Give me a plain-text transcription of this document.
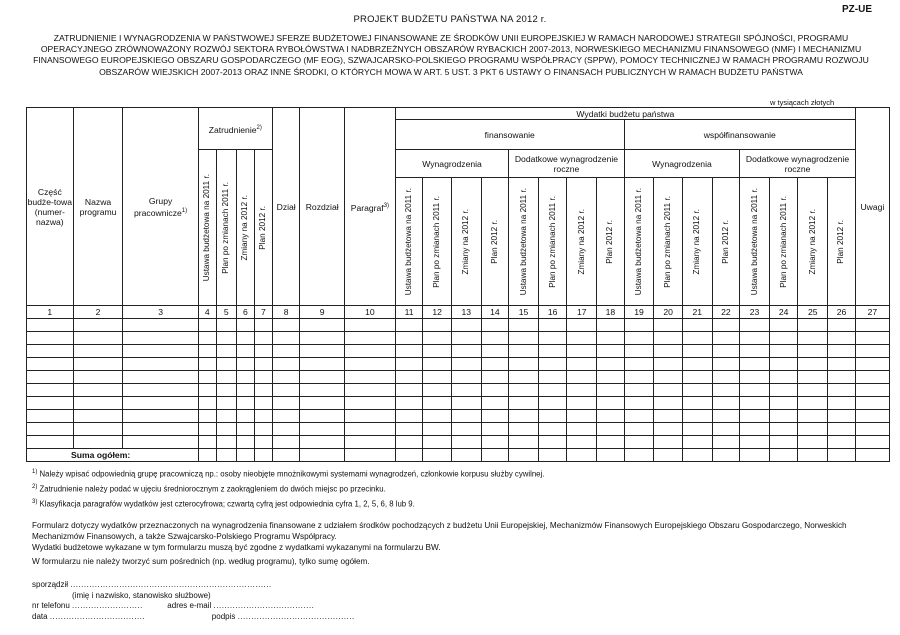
PZ-UE
PROJEKT BUDŻETU PAŃSTWA NA 2012 r.
ZATRUDNIENIE I WYNAGRODZENIA W PAŃSTWOWEJ SFERZE BUDŻETOWEJ FINANSOWANE ZE ŚRODKÓW UNII EUROPEJSKIEJ W RAMACH NARODOWEJ STRATEGII SPÓJNOŚCI, PROGRAMU OPERACYJNEGO ZRÓWNOWAŻONY ROZWÓJ SEKTORA RYBOŁÓWSTWA I NADBRZEŻNYCH OBSZARÓW RYBACKICH 2007-2013, NORWESKIEGO MECHANIZMU FINANSOWEGO (NMF) I MECHANIZMU FINANSOWEGO EUROPEJSKIEGO OBSZARU GOSPODARCZEGO (MF EOG), SZWAJCARSKO-POLSKIEGO PROGRAMU WSPÓŁPRACY (SPPW), POMOCY TECHNICZNEJ W RAMACH PROGRAMU ROZWOJU OBSZARÓW WIEJSKICH 2007-2013 ORAZ INNE ŚRODKI, O KTÓRYCH MOWA W ART. 5 UST. 3 PKT 6 USTAWY O FINANSACH PUBLICZNYCH W RAMACH BUDŻETU PAŃSTWA
w tysiącach złotych
Część budże-towa (numer-nazwa)	Nazwa programu	Grupy pracownicze$^{1)}$	Zatrudnienie$^{2)}$				Dział	Rozdział	Paragraf$^{3)}$	Wydatki budżetu państwa																Uwagi
										finansowanie								współfinansowanie								

			Ustawa budżetowa na 2011 r.	Plan po zmianach 2011 r.	Zmiany na 2012 r.	Plan 2012 r.				Wynagrodzenia				Dodatkowe wynagrodzenie roczne				Wynagrodzenia				Dodatkowe wynagrodzenie roczne				

										Ustawa budżetowa na 2011 r.	Plan po zmianach 2011 r.	Zmiany na 2012 r.	Plan 2012 r.	Ustawa budżetowa na 2011 r.	Plan po zmianach 2011 r.	Zmiany na 2012 r.	Plan 2012 r.	Ustawa budżetowa na 2011 r.	Plan po zmianach 2011 r.	Zmiany na 2012 r.	Plan 2012 r.	Ustawa budżetowa na 2011 r.	Plan po zmianach 2011 r.	Zmiany na 2012 r.	Plan 2012 r.	

1	2	3	4	5	6	7	8	9	10	11	12	13	14	15	16	17	18	19	20	21	22	23	24	25	26	27

Suma ogółem:																										
$^{1)}$ Należy wpisać odpowiednią grupę pracowniczą np.: osoby nieobjęte mnożnikowymi systemami wynagrodzeń, członkowie korpusu służby cywilnej.
$^{2)}$ Zatrudnienie należy podać w ujęciu średniorocznym z zaokrągleniem do dwóch miejsc po przecinku.
$^{3)}$ Klasyfikacja paragrafów wydatków jest czterocyfrowa; czwartą cyfrą jest odpowiednia cyfra 1, 2, 5, 6, 8 lub 9.
Formularz dotyczy wydatków przeznaczonych na wynagrodzenia finansowane z udziałem środków pochodzących z budżetu Unii Europejskiej, Mechanizmów Finansowych Europejskiego Obszaru Gospodarczego, Norweskich Mechanizmów Finansowych, a także Szwajcarsko-Polskiego Programu Współpracy.
Wydatki budżetowe wykazane w tym formularzu muszą być zgodne z wydatkami wykazanymi na formularzu BW.
W formularzu nie należy tworzyć sum pośrednich (np. według programu), tylko sumę ogółem.
sporządził ..........................................................................
(imię i nazwisko, stanowisko służbowe)
nr telefonu ..........................	adres e-mail .....................................
data ...................................	podpis ...........................................
